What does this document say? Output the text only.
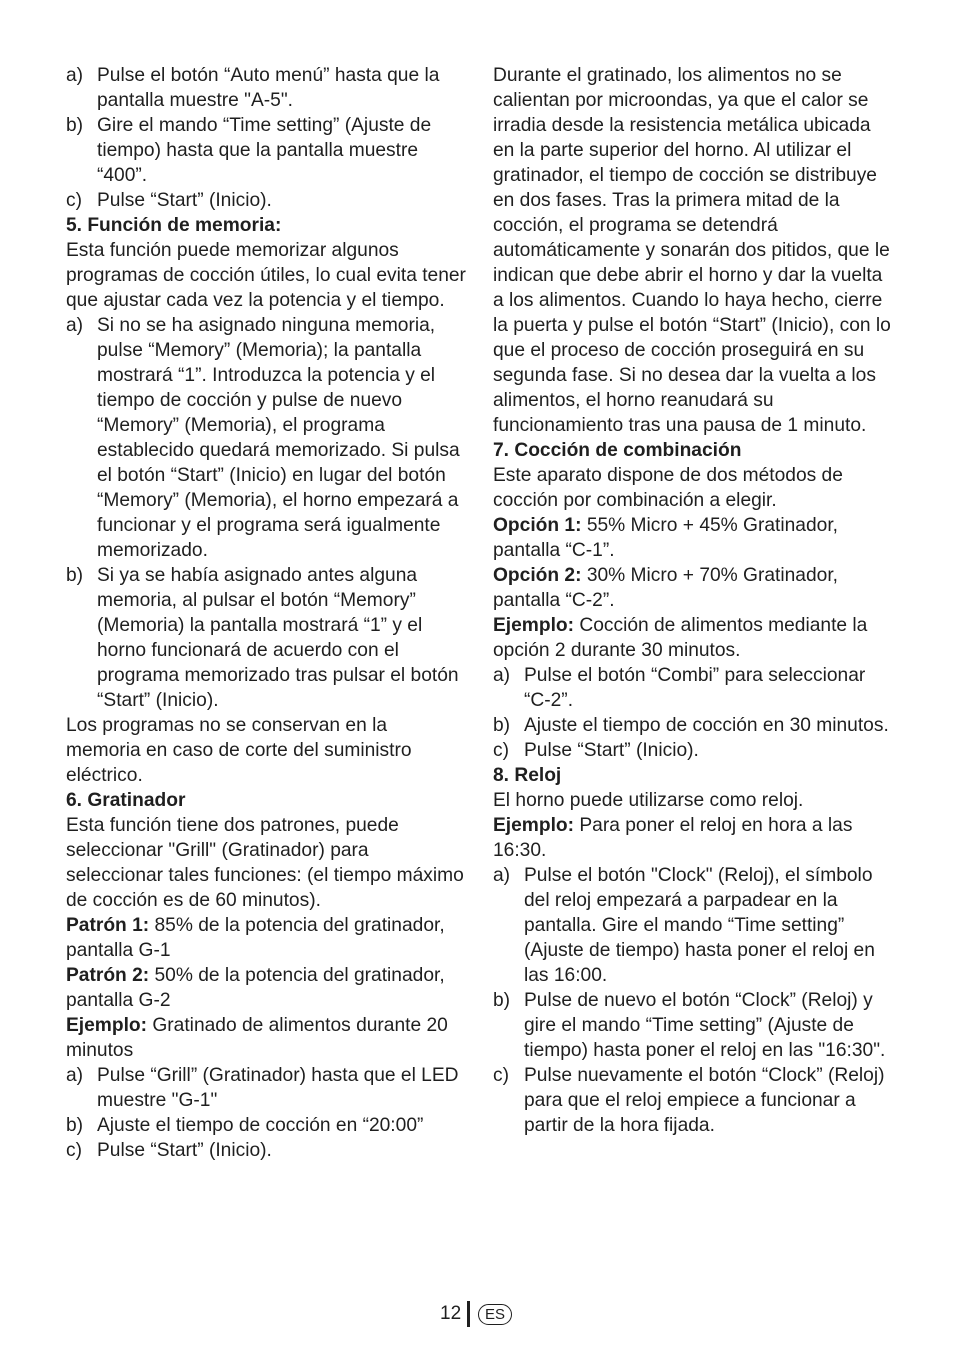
a) Pulse el botón “Auto menú” hasta que la pantalla muestre "A-5".
b) Gire el mando “Time setting” (Ajuste de tiempo) hasta que la pantalla muestre “400”.
c) Pulse “Start” (Inicio).

5. Función de memoria:

Esta función puede memorizar algunos programas de cocción útiles, lo cual evita tener que ajustar cada vez la potencia y el tiempo.

a) Si no se ha asignado ninguna memoria, pulse “Memory” (Memoria); la pantalla mostrará “1”. Introduzca la potencia y el tiempo de cocción y pulse de nuevo “Memory” (Memoria), el programa establecido quedará memorizado. Si pulsa el botón “Start” (Inicio) en lugar del botón “Memory” (Memoria), el horno empezará a funcionar y el programa será igualmente memorizado.
b) Si ya se había asignado antes alguna memoria, al pulsar el botón “Memory” (Memoria) la pantalla mostrará “1” y el horno funcionará de acuerdo con el programa memorizado tras pulsar el botón “Start” (Inicio).

Los programas no se conservan en la memoria en caso de corte del suministro eléctrico.

6. Gratinador

Esta función tiene dos patrones, puede seleccionar "Grill" (Gratinador) para seleccionar tales funciones: (el tiempo máximo de cocción es de 60 minutos).

Patrón 1: 85% de la potencia del gratinador, pantalla G-1

Patrón 2: 50% de la potencia del gratinador, pantalla G-2

Ejemplo: Gratinado de alimentos durante 20 minutos

a) Pulse “Grill” (Gratinador) hasta que el LED muestre "G-1"
b) Ajuste el tiempo de cocción en “20:00”
c) Pulse “Start” (Inicio).

Durante el gratinado, los alimentos no se calientan por microondas, ya que el calor se irradia desde la resistencia metálica ubicada en la parte superior del horno. Al utilizar el gratinador, el tiempo de cocción se distribuye en dos fases. Tras la primera mitad de la cocción, el programa se detendrá automáticamente y sonarán dos pitidos, que le indican que debe abrir el horno y dar la vuelta a los alimentos. Cuando lo haya hecho, cierre la puerta y pulse el botón “Start” (Inicio), con lo que el proceso de cocción proseguirá en su segunda fase. Si no desea dar la vuelta a los alimentos, el horno reanudará su funcionamiento tras una pausa de 1 minuto.

7. Cocción de combinación

Este aparato dispone de dos métodos de cocción por combinación a elegir.

Opción 1: 55% Micro + 45% Gratinador, pantalla “C-1”.

Opción 2: 30% Micro + 70% Gratinador, pantalla “C-2”.

Ejemplo: Cocción de alimentos mediante la opción 2 durante 30 minutos.

a) Pulse el botón “Combi” para seleccionar “C-2”.
b) Ajuste el tiempo de cocción en 30 minutos.
c) Pulse “Start” (Inicio).

8. Reloj

El horno puede utilizarse como reloj.

Ejemplo: Para poner el reloj en hora a las 16:30.

a) Pulse el botón "Clock" (Reloj), el símbolo del reloj empezará a parpadear en la pantalla. Gire el mando “Time setting” (Ajuste de tiempo) hasta poner el reloj en las 16:00.
b) Pulse de nuevo el botón “Clock” (Reloj) y gire el mando “Time setting” (Ajuste de tiempo) hasta poner el reloj en las "16:30".
c) Pulse nuevamente el botón “Clock” (Reloj) para que el reloj empiece a funcionar a partir de la hora fijada.
12	ES
